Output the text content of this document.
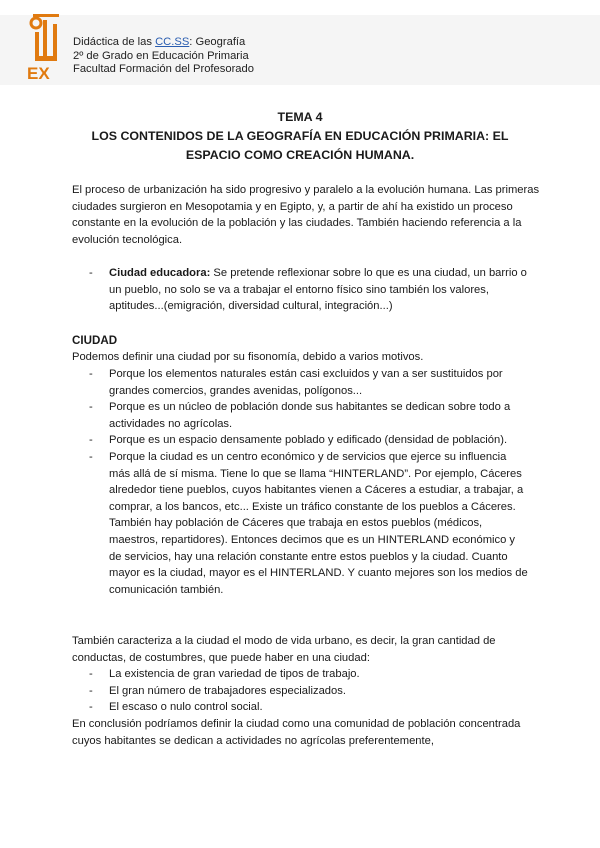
EX
Didáctica de las CC.SS: Geografía
2º de Grado en Educación Primaria
Facultad Formación del Profesorado
TEMA 4
LOS CONTENIDOS DE LA GEOGRAFÍA EN EDUCACIÓN PRIMARIA: EL
ESPACIO COMO CREACIÓN HUMANA.
El proceso de urbanización ha sido progresivo y paralelo a la evolución humana. Las primeras ciudades surgieron en Mesopotamia y en Egipto, y, a partir de ahí ha existido un proceso constante en la evolución de la población y las ciudades. También haciendo referencia a la evolución tecnológica.
- Ciudad educadora: Se pretende reflexionar sobre lo que es una ciudad, un barrio o un pueblo, no solo se va a trabajar el entorno físico sino también los valores, aptitudes...(emigración, diversidad cultural, integración...)
CIUDAD
Podemos definir una ciudad por su fisonomía, debido a varios motivos.
- Porque los elementos naturales están casi excluidos y van a ser sustituidos por grandes comercios, grandes avenidas, polígonos...
- Porque es un núcleo de población donde sus habitantes se dedican sobre todo a actividades no agrícolas.
- Porque es un espacio densamente poblado y edificado (densidad de población).
- Porque la ciudad es un centro económico y de servicios que ejerce su influencia más allá de sí misma. Tiene lo que se llama “HINTERLAND”. Por ejemplo, Cáceres alrededor tiene pueblos, cuyos habitantes vienen a Cáceres a estudiar, a trabajar, a comprar, a los bancos, etc... Existe un tráfico constante de los pueblos a Cáceres. También hay población de Cáceres que trabaja en estos pueblos (médicos, maestros, repartidores). Entonces decimos que es un HINTERLAND económico y de servicios, hay una relación constante entre estos pueblos y la ciudad. Cuanto mayor es la ciudad, mayor es el HINTERLAND. Y cuanto mejores son los medios de comunicación también.
También caracteriza a la ciudad el modo de vida urbano, es decir, la gran cantidad de conductas, de costumbres, que puede haber en una ciudad:
- La existencia de gran variedad de tipos de trabajo.
- El gran número de trabajadores especializados.
- El escaso o nulo control social.
En conclusión podríamos definir la ciudad como una comunidad de población concentrada cuyos habitantes se dedican a actividades no agrícolas preferentemente,
